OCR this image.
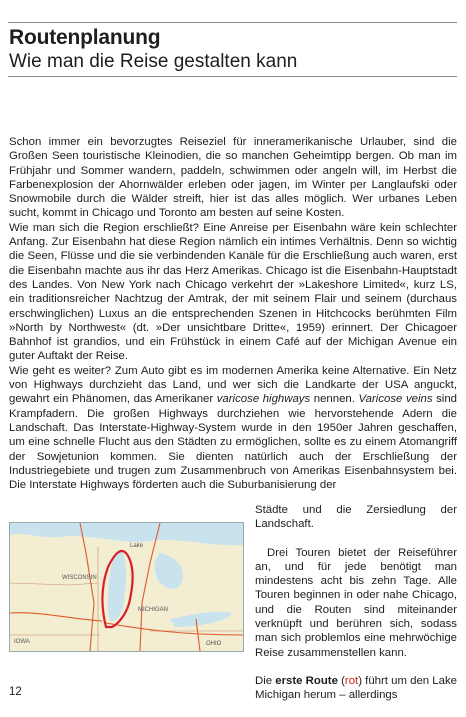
Routenplanung
Wie man die Reise gestalten kann

Schon immer ein bevorzugtes Reiseziel für inneramerikanische Urlauber, sind die Großen Seen touristische Kleinodien, die so manchen Geheimtipp bergen. Ob man im Frühjahr und Sommer wandern, paddeln, schwimmen oder angeln will, im Herbst die Farbenexplosion der Ahornwälder erleben oder jagen, im Winter per Langlaufski oder Snowmobile durch die Wälder streift, hier ist das alles möglich. Wer urbanes Leben sucht, kommt in Chicago und Toronto am besten auf seine Kosten.

Wie man sich die Region erschließt? Eine Anreise per Eisenbahn wäre kein schlechter Anfang. Zur Eisenbahn hat diese Region nämlich ein intimes Verhältnis. Denn so wichtig die Seen, Flüsse und die sie verbindenden Kanäle für die Erschließung auch waren, erst die Eisenbahn machte aus ihr das Herz Amerikas. Chicago ist die Eisenbahn-Hauptstadt des Landes. Von New York nach Chicago verkehrt der »Lakeshore Limited«, kurz LS, ein traditionsreicher Nachtzug der Amtrak, der mit seinem Flair und seinem (durchaus erschwinglichen) Luxus an die entsprechenden Szenen in Hitchcocks berühmten Film »North by Northwest« (dt. »Der unsichtbare Dritte«, 1959) erinnert. Der Chicagoer Bahnhof ist grandios, und ein Frühstück in einem Café auf der Michigan Avenue ein guter Auftakt der Reise.

Wie geht es weiter? Zum Auto gibt es im modernen Amerika keine Alternative. Ein Netz von Highways durchzieht das Land, und wer sich die Landkarte der USA anguckt, gewahrt ein Phänomen, das Amerikaner varicose highways nennen. Varicose veins sind Krampfadern. Die großen Highways durchziehen wie hervorstehende Adern die Landschaft. Das Interstate-Highway-System wurde in den 1950er Jahren geschaffen, um eine schnelle Flucht aus den Städten zu ermöglichen, sollte es zu einem Atomangriff der Sowjetunion kommen. Sie dienten natürlich auch der Erschließung der Industriegebiete und trugen zum Zusammenbruch von Amerikas Eisenbahnsystem bei. Die Interstate Highways förderten auch die Suburbanisierung der

WISCONSIN
MICHIGAN
IOWA	OHIO
Lake

Städte und die Zersiedlung der Landschaft.

Drei Touren bietet der Reiseführer an, und für jede benötigt man mindestens acht bis zehn Tage. Alle Touren beginnen in oder nahe Chicago, und die Routen sind miteinander verknüpft und berühren sich, sodass man sich problemlos eine mehrwöchige Reise zusammenstellen kann.

Die erste Route (rot) führt um den Lake Michigan herum – allerdings

12
